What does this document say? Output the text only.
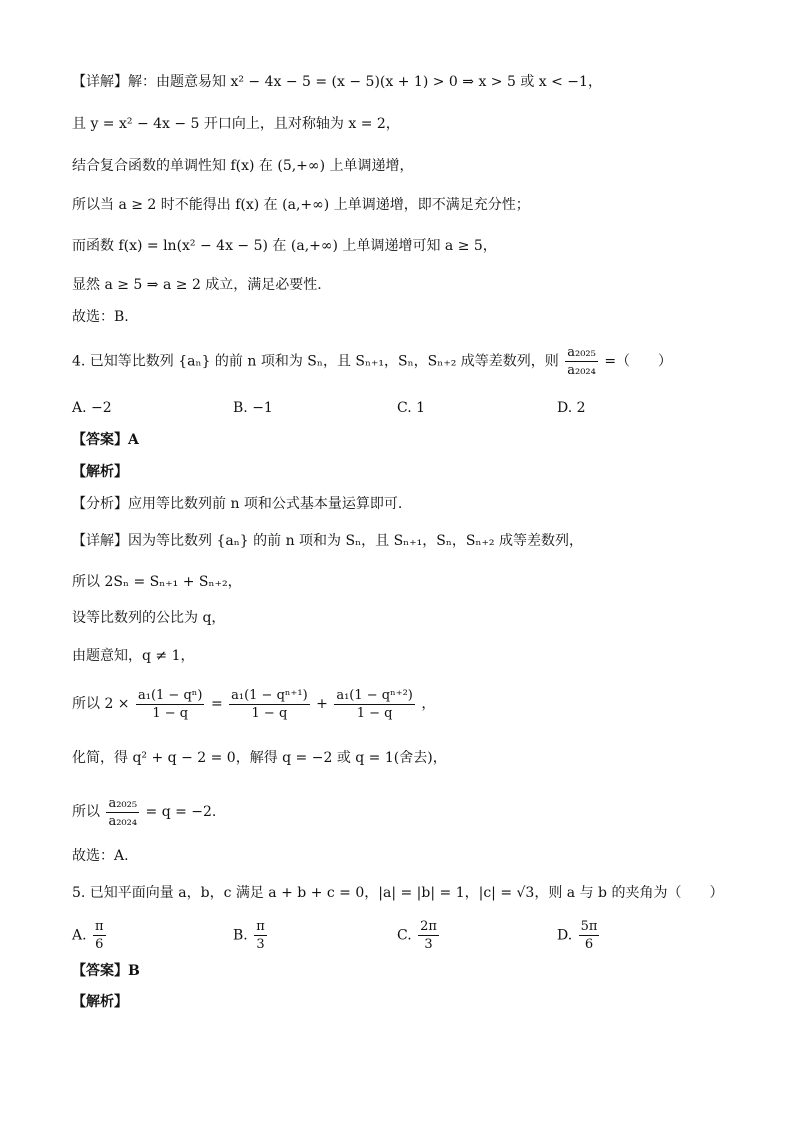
【详解】解：由题意易知 x² − 4x − 5 = (x − 5)(x + 1) > 0 ⇒ x > 5 或 x < −1，
且 y = x² − 4x − 5 开口向上，且对称轴为 x = 2，
结合复合函数的单调性知 f(x) 在 (5,+∞) 上单调递增，
所以当 a ≥ 2 时不能得出 f(x) 在 (a,+∞) 上单调递增，即不满足充分性；
而函数 f(x) = ln(x² − 4x − 5) 在 (a,+∞) 上单调递增可知 a ≥ 5，
显然 a ≥ 5 ⇒ a ≥ 2 成立，满足必要性.
故选：B.
4. 已知等比数列 {aₙ} 的前 n 项和为 Sₙ，且 Sₙ₊₁，Sₙ，Sₙ₊₂ 成等差数列，则 $\frac{\text{a₂₀₂₅}}{\text{a₂₀₂₄}}$ =（　　）
A. −2	B. −1	C. 1	D. 2
【答案】A
【解析】
【分析】应用等比数列前 n 项和公式基本量运算即可.
【详解】因为等比数列 {aₙ} 的前 n 项和为 Sₙ，且 Sₙ₊₁，Sₙ，Sₙ₊₂ 成等差数列，
所以 2Sₙ = Sₙ₊₁ + Sₙ₊₂，
设等比数列的公比为 q，
由题意知，q ≠ 1，
所以 $2 \times \frac{\text{a₁(1 − qⁿ)}}{1 - q} = \frac{\text{a₁(1 − qⁿ⁺¹)}}{1 - q} + \frac{\text{a₁(1 − qⁿ⁺²)}}{1 - q}$ ，
化简，得 q² + q − 2 = 0，解得 q = −2 或 q = 1(舍去)，
所以 $\frac{\text{a₂₀₂₅}}{\text{a₂₀₂₄}} = q = -2$.
故选：A.
5. 已知平面向量 a，b，c 满足 a + b + c = 0，|a| = |b| = 1，|c| = √3，则 a 与 b 的夹角为（　　）
A. $\frac{\pi}{6}$	B. $\frac{\pi}{3}$	C. $\frac{2\pi}{3}$	D. $\frac{5\pi}{6}$
【答案】B
【解析】
